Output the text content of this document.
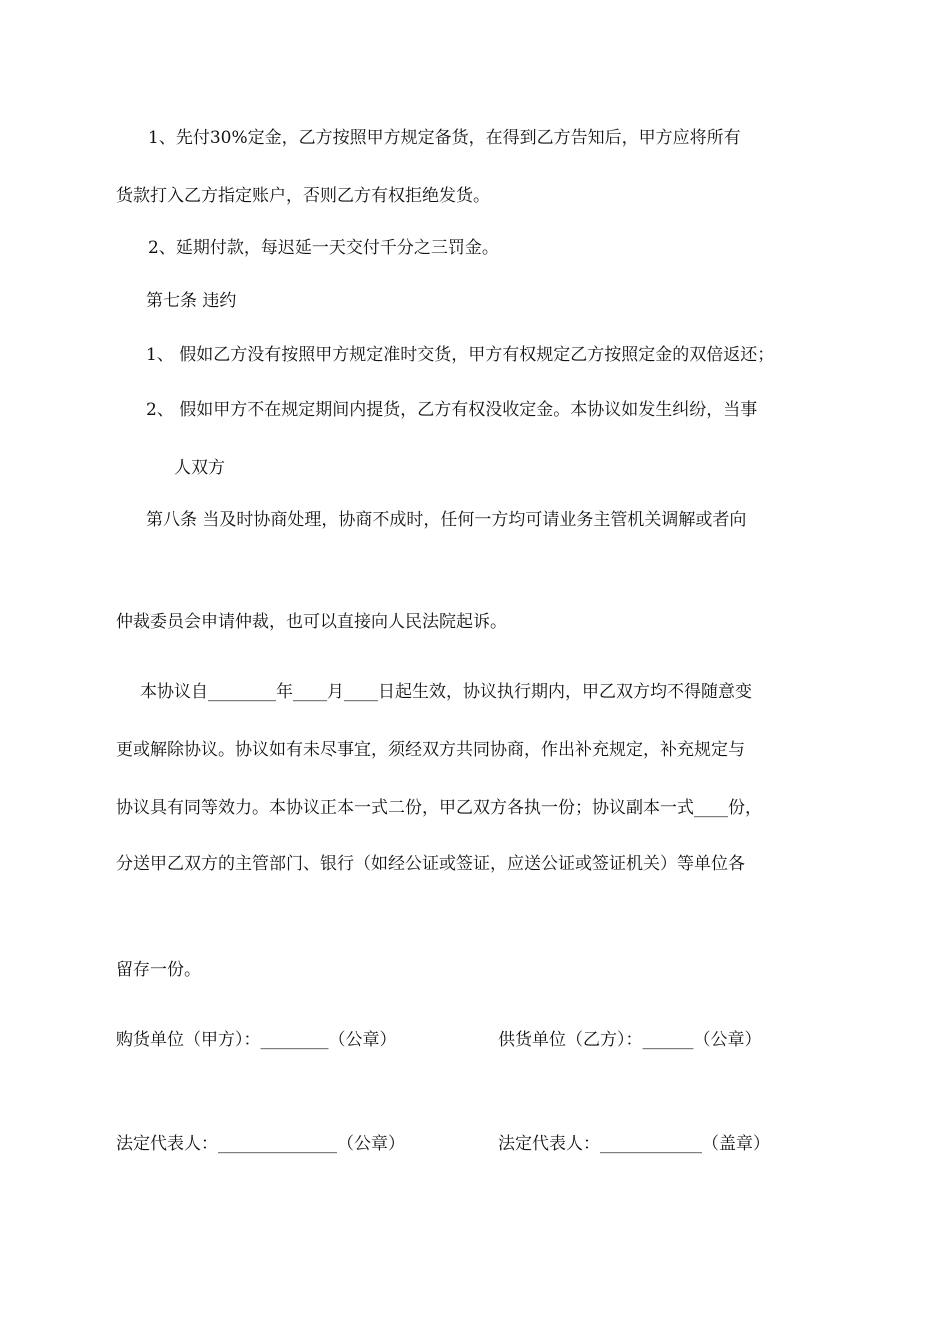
1、先付30%定金，乙方按照甲方规定备货，在得到乙方告知后，甲方应将所有
货款打入乙方指定账户，否则乙方有权拒绝发货。
2、延期付款，每迟延一天交付千分之三罚金。
第七条 违约
1、 假如乙方没有按照甲方规定准时交货，甲方有权规定乙方按照定金的双倍返还；
2、 假如甲方不在规定期间内提货，乙方有权没收定金。本协议如发生纠纷，当事
人双方
第八条 当及时协商处理，协商不成时，任何一方均可请业务主管机关调解或者向
仲裁委员会申请仲裁，也可以直接向人民法院起诉。
本协议自________年____月____日起生效，协议执行期内，甲乙双方均不得随意变
更或解除协议。协议如有未尽事宜，须经双方共同协商，作出补充规定，补充规定与
协议具有同等效力。本协议正本一式二份，甲乙双方各执一份；协议副本一式____份，
分送甲乙双方的主管部门、银行（如经公证或签证，应送公证或签证机关）等单位各
留存一份。
购货单位（甲方）：________（公章）	供货单位（乙方）：______（公章）
法定代表人：______________（公章）	法定代表人：____________（盖章）
